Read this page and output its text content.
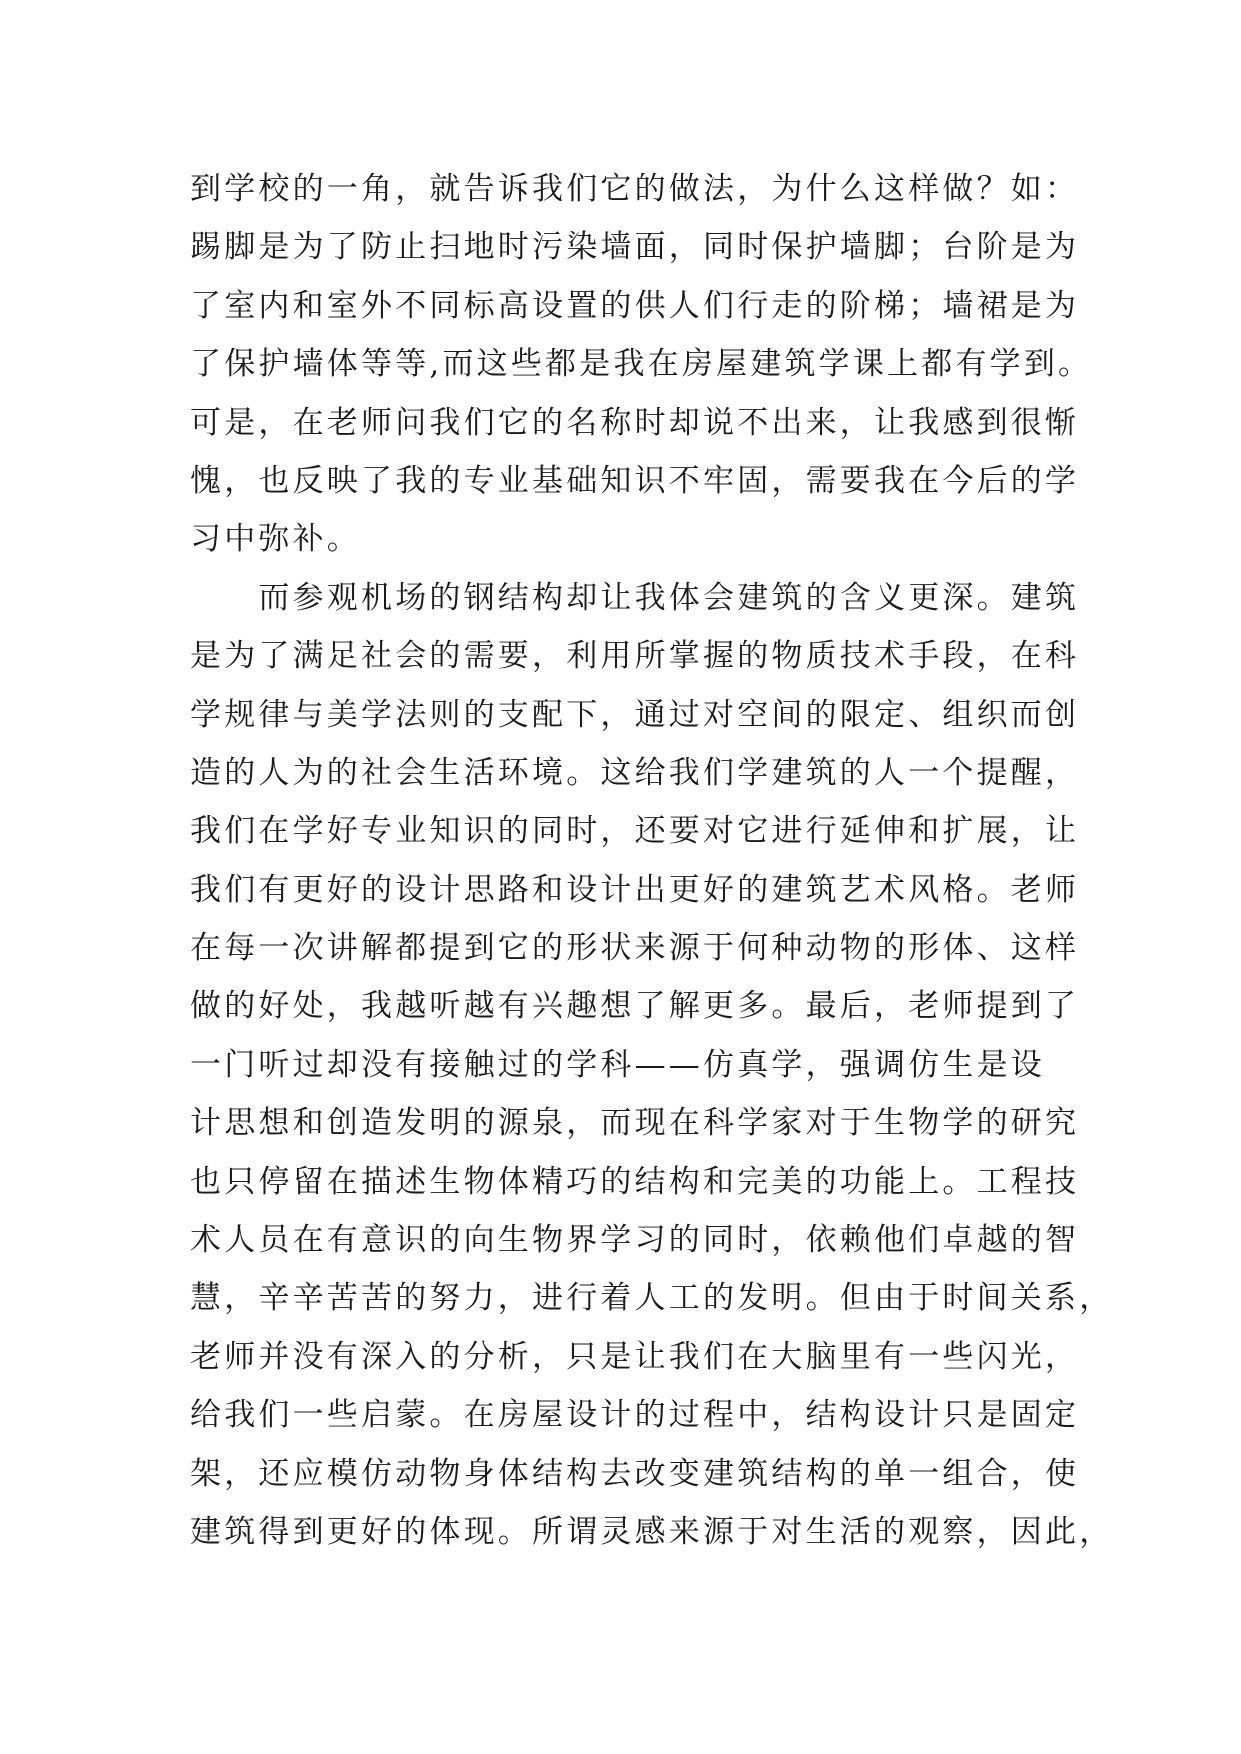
到学校的一角，就告诉我们它的做法，为什么这样做？如：
踢脚是为了防止扫地时污染墙面，同时保护墙脚；台阶是为
了室内和室外不同标高设置的供人们行走的阶梯；墙裙是为
了保护墙体等等,而这些都是我在房屋建筑学课上都有学到。
可是，在老师问我们它的名称时却说不出来，让我感到很惭
愧，也反映了我的专业基础知识不牢固，需要我在今后的学
习中弥补。
　　而参观机场的钢结构却让我体会建筑的含义更深。建筑
是为了满足社会的需要，利用所掌握的物质技术手段，在科
学规律与美学法则的支配下，通过对空间的限定、组织而创
造的人为的社会生活环境。这给我们学建筑的人一个提醒，
我们在学好专业知识的同时，还要对它进行延伸和扩展，让
我们有更好的设计思路和设计出更好的建筑艺术风格。老师
在每一次讲解都提到它的形状来源于何种动物的形体、这样
做的好处，我越听越有兴趣想了解更多。最后，老师提到了
一门听过却没有接触过的学科——仿真学，强调仿生是设
计思想和创造发明的源泉，而现在科学家对于生物学的研究
也只停留在描述生物体精巧的结构和完美的功能上。工程技
术人员在有意识的向生物界学习的同时，依赖他们卓越的智
慧，辛辛苦苦的努力，进行着人工的发明。但由于时间关系，
老师并没有深入的分析，只是让我们在大脑里有一些闪光，
给我们一些启蒙。在房屋设计的过程中，结构设计只是固定
架，还应模仿动物身体结构去改变建筑结构的单一组合，使
建筑得到更好的体现。所谓灵感来源于对生活的观察，因此，
